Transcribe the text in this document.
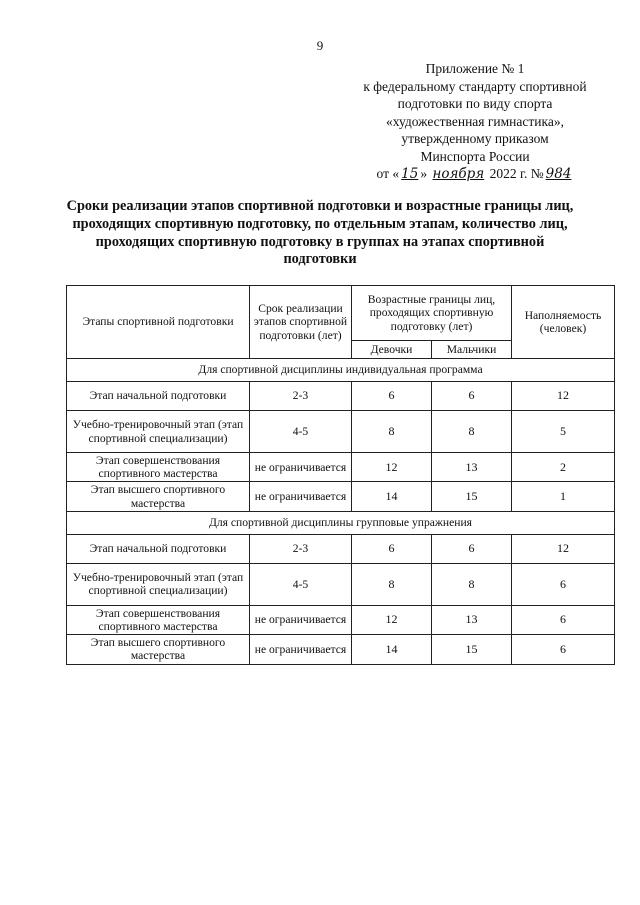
9
Приложение № 1
к федеральному стандарту спортивной
подготовки по виду спорта
«художественная гимнастика»,
утвержденному приказом
Минспорта России
от « 15 » ноября 2022 г. № 984
Сроки реализации этапов спортивной подготовки и возрастные границы лиц, проходящих спортивную подготовку, по отдельным этапам, количество лиц, проходящих спортивную подготовку в группах на этапах спортивной подготовки
Этапы спортивной подготовки	Срок реализации этапов спортивной подготовки (лет)	Возрастные границы лиц, проходящих спортивную подготовку (лет)		Наполняемость (человек)
		Девочки	Мальчики	
Для спортивной дисциплины индивидуальная программа				
Этап начальной подготовки	2-3	6	6	12
Учебно-тренировочный этап (этап спортивной специализации)	4-5	8	8	5
Этап совершенствования спортивного мастерства	не ограничивается	12	13	2
Этап высшего спортивного мастерства	не ограничивается	14	15	1
Для спортивной дисциплины групповые упражнения				
Этап начальной подготовки	2-3	6	6	12
Учебно-тренировочный этап (этап спортивной специализации)	4-5	8	8	6
Этап совершенствования спортивного мастерства	не ограничивается	12	13	6
Этап высшего спортивного мастерства	не ограничивается	14	15	6
